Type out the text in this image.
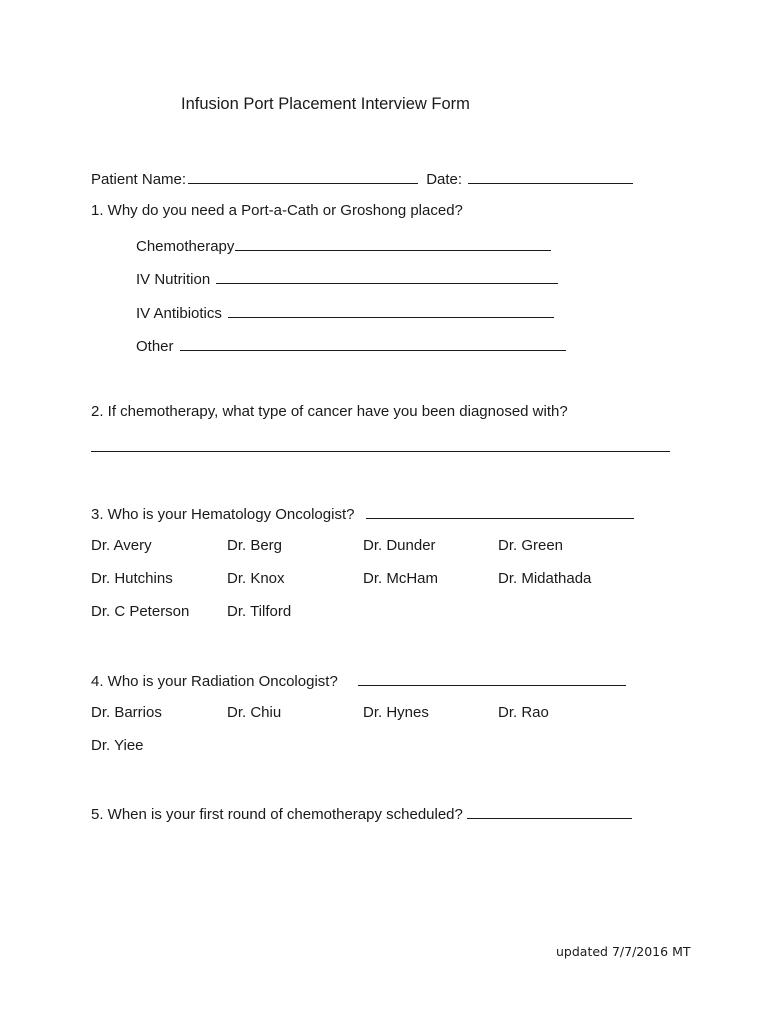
Infusion Port Placement Interview Form
Patient Name:	Date:
1. Why do you need a Port-a-Cath or Groshong placed?
Chemotherapy
IV Nutrition
IV Antibiotics
Other
2. If chemotherapy, what type of cancer have you been diagnosed with?
3. Who is your Hematology Oncologist?
Dr. Avery	Dr. Berg	Dr. Dunder	Dr. Green
Dr. Hutchins	Dr. Knox	Dr. McHam	Dr. Midathada
Dr. C Peterson	Dr. Tilford
4. Who is your Radiation Oncologist?
Dr. Barrios	Dr. Chiu	Dr. Hynes	Dr. Rao
Dr. Yiee
5. When is your first round of chemotherapy scheduled?
updated 7/7/2016 MT
